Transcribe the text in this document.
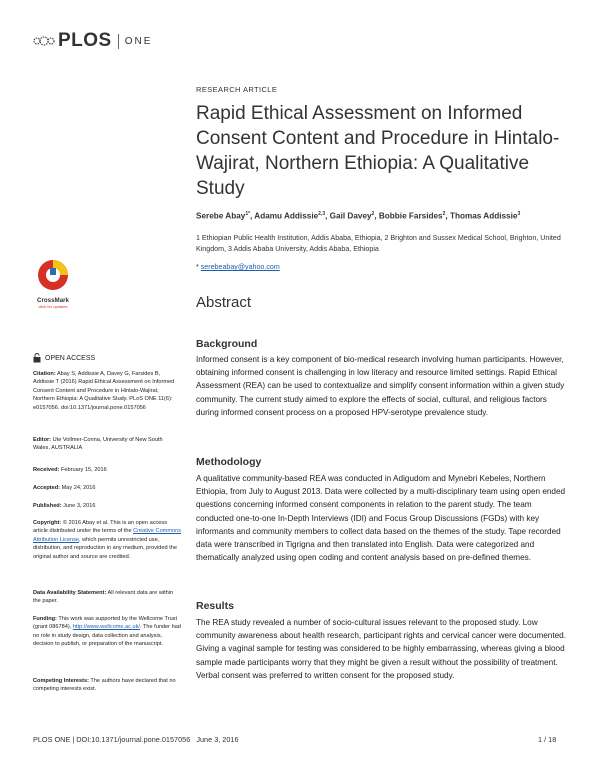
PLOS ONE
RESEARCH ARTICLE
Rapid Ethical Assessment on Informed Consent Content and Procedure in Hintalo-Wajirat, Northern Ethiopia: A Qualitative Study
Serebe Abay$^{1*}$, Adamu Addissie$^{2,3}$, Gail Davey$^2$, Bobbie Farsides$^2$, Thomas Addissie$^3$
1 Ethiopian Public Health Institution, Addis Ababa, Ethiopia, 2 Brighton and Sussex Medical School, Brighton, United Kingdom, 3 Addis Ababa University, Addis Ababa, Ethiopia
* serebeabay@yahoo.com
Abstract
Background
Informed consent is a key component of bio-medical research involving human participants. However, obtaining informed consent is challenging in low literacy and resource limited settings. Rapid Ethical Assessment (REA) can be used to contextualize and simplify consent information within a given study community. The current study aimed to explore the effects of social, cultural, and religious factors during informed consent process on a proposed HPV-serotype prevalence study.
Methodology
A qualitative community-based REA was conducted in Adigudom and Mynebri Kebeles, Northern Ethiopia, from July to August 2013. Data were collected by a multi-disciplinary team using open ended questions concerning informed consent components in relation to the parent study. The team conducted one-to-one In-Depth Interviews (IDI) and Focus Group Discussions (FGDs) with key informants and community members to collect data based on the themes of the study. Tape recorded data were transcribed in Tigrigna and then translated into English. Data were categorized and thematically analyzed using open coding and content analysis based on pre-defined themes.
Results
The REA study revealed a number of socio-cultural issues relevant to the proposed study. Low community awareness about health research, participant rights and cervical cancer were documented. Giving a vaginal sample for testing was considered to be highly embarrassing, whereas giving a blood sample made participants worry that they might be given a result without the possibility of treatment. Verbal consent was preferred to written consent for the proposed study.
CrossMark
click for updates
OPEN ACCESS
Citation: Abay S, Addissie A, Davey G, Farsides B, Addissie T (2016) Rapid Ethical Assessment on Informed Consent Content and Procedure in Hintalo-Wajirat, Northern Ethiopia: A Qualitative Study. PLoS ONE 11(6): e0157056. doi:10.1371/journal.pone.0157056
Editor: Ute Vollmer-Conna, University of New South Wales, AUSTRALIA
Received: February 15, 2016
Accepted: May 24, 2016
Published: June 3, 2016
Copyright: © 2016 Abay et al. This is an open access article distributed under the terms of the Creative Commons Attribution License, which permits unrestricted use, distribution, and reproduction in any medium, provided the original author and source are credited.
Data Availability Statement: All relevant data are within the paper.
Funding: This work was supported by the Wellcome Trust (grant 086784), http://www.wellcome.ac.uk/. The funder had no role in study design, data collection and analysis, decision to publish, or preparation of the manuscript.
Competing Interests: The authors have declared that no competing interests exist.
PLOS ONE | DOI:10.1371/journal.pone.0157056   June 3, 2016	1 / 18
